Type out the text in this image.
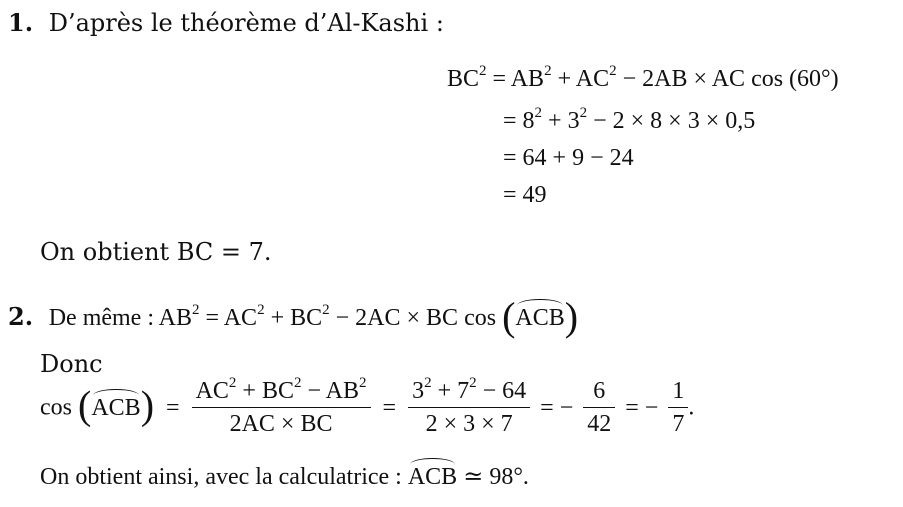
1. D’après le théorème d’Al-Kashi :
$BC^2 = AB^2 + AC^2 - 2AB$ × AC cos (60°)
= $8^2 + 3^2 - 2 \times 8 \times 3 \times 0,5$
= 64 + 9 − 24
= 49
On obtient BC = 7.
2. De même : $AB^2 = AC^2 + BC^2 - 2AC$ × BC cos (ACB)
Donc
$\cos (ACB) = \frac{AC^2 + BC^2 - AB^2}{2AC \times BC} = \frac{3^2 + 7^2 - 64}{2 \times 3 \times 7}$ = − $\frac{6}{42}$ = − $\frac{1}{7}$ .
On obtient ainsi, avec la calculatrice : ACB ≃ 98°.
